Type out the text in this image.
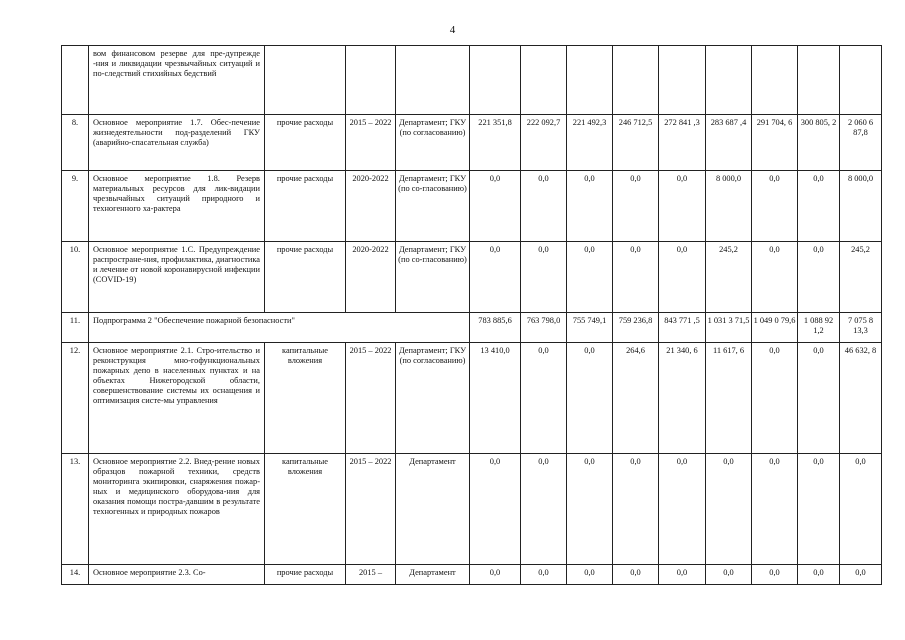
4
	вом финансовом резерве для пре-дупрежде -ния и ликвидации чрезвычайных ситуаций и по-следствий стихийных бедствий												
8.	Основное мероприятие 1.7. Обес-печение жизнедеятельности под-разделений ГКУ (аварийно-спасательная служба)	прочие расходы	2015 – 2022	Департамент; ГКУ (по согласованию)	221 351,8	222 092,7	221 492,3	246 712,5	272 841 ,3	283 687 ,4	291 704, 6	300 805, 2	2 060 6 87,8
9.	Основное мероприятие 1.8. Резерв материальных ресурсов для лик-видации чрезвычайных ситуаций природного и техногенного ха-рактера	прочие расходы	2020-2022	Департамент; ГКУ (по со-гласованию)	0,0	0,0	0,0	0,0	0,0	8 000,0	0,0	0,0	8 000,0
10.	Основное мероприятие 1.С. Предупреждение распростране-ния, профилактика, диагностика и лечение от новой коронавирусной инфекции (COVID-19)	прочие расходы	2020-2022	Департамент; ГКУ (по со-гласованию)	0,0	0,0	0,0	0,0	0,0	245,2	0,0	0,0	245,2
11.	Подпрограмма 2 "Обеспечение пожарной безопасности"				783 885,6	763 798,0	755 749,1	759 236,8	843 771 ,5	1 031 3 71,5	1 049 0 79,6	1 088 92 1,2	7 075 8 13,3
12.	Основное мероприятие 2.1. Стро-ительство и реконструкция мно-гофункциональных пожарных депо в населенных пунктах и на объектах Нижегородской области, совершенствование системы их оснащения и оптимизация систе-мы управления	капитальные вложения	2015 – 2022	Департамент; ГКУ (по согласованию)	13 410,0	0,0	0,0	264,6	21 340, 6	11 617, 6	0,0	0,0	46 632, 8
13.	Основное мероприятие 2.2. Внед-рение новых образцов пожарной техники, средств мониторинга экипировки, снаряжения пожар-ных и медицинского оборудова-ния для оказания помощи постра-давшим в результате техногенных и природных пожаров	капитальные вложения	2015 – 2022	Департамент	0,0	0,0	0,0	0,0	0,0	0,0	0,0	0,0	0,0
14.	Основное мероприятие 2.3. Со-	прочие расходы	2015 –	Департамент	0,0	0,0	0,0	0,0	0,0	0,0	0,0	0,0	0,0
